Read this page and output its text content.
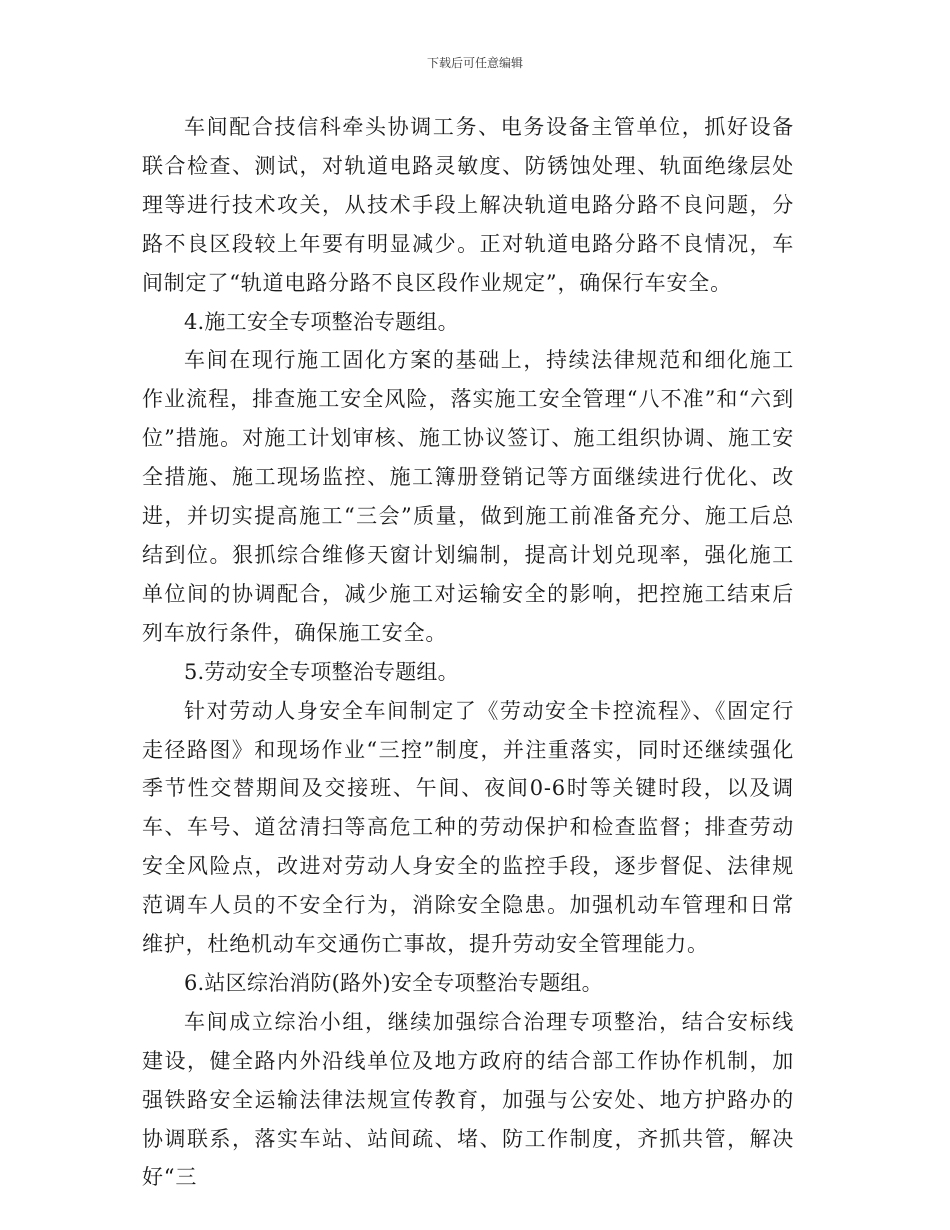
下载后可任意编辑

车间配合技信科牵头协调工务、电务设备主管单位，抓好设备联合检查、测试，对轨道电路灵敏度、防锈蚀处理、轨面绝缘层处理等进行技术攻关，从技术手段上解决轨道电路分路不良问题，分路不良区段较上年要有明显减少。正对轨道电路分路不良情况，车间制定了“轨道电路分路不良区段作业规定”，确保行车安全。

4.施工安全专项整治专题组。

车间在现行施工固化方案的基础上，持续法律规范和细化施工作业流程，排查施工安全风险，落实施工安全管理“八不准”和“六到位”措施。对施工计划审核、施工协议签订、施工组织协调、施工安全措施、施工现场监控、施工簿册登销记等方面继续进行优化、改进，并切实提高施工“三会”质量，做到施工前准备充分、施工后总结到位。狠抓综合维修天窗计划编制，提高计划兑现率，强化施工单位间的协调配合，减少施工对运输安全的影响，把控施工结束后列车放行条件，确保施工安全。

5.劳动安全专项整治专题组。

针对劳动人身安全车间制定了《劳动安全卡控流程》、《固定行走径路图》和现场作业“三控”制度，并注重落实，同时还继续强化季节性交替期间及交接班、午间、夜间0-6时等关键时段，以及调车、车号、道岔清扫等高危工种的劳动保护和检查监督；排查劳动安全风险点，改进对劳动人身安全的监控手段，逐步督促、法律规范调车人员的不安全行为，消除安全隐患。加强机动车管理和日常维护，杜绝机动车交通伤亡事故，提升劳动安全管理能力。

6.站区综治消防(路外)安全专项整治专题组。

车间成立综治小组，继续加强综合治理专项整治，结合安标线建设，健全路内外沿线单位及地方政府的结合部工作协作机制，加强铁路安全运输法律法规宣传教育，加强与公安处、地方护路办的协调联系，落实车站、站间疏、堵、防工作制度，齐抓共管，解决好“三
